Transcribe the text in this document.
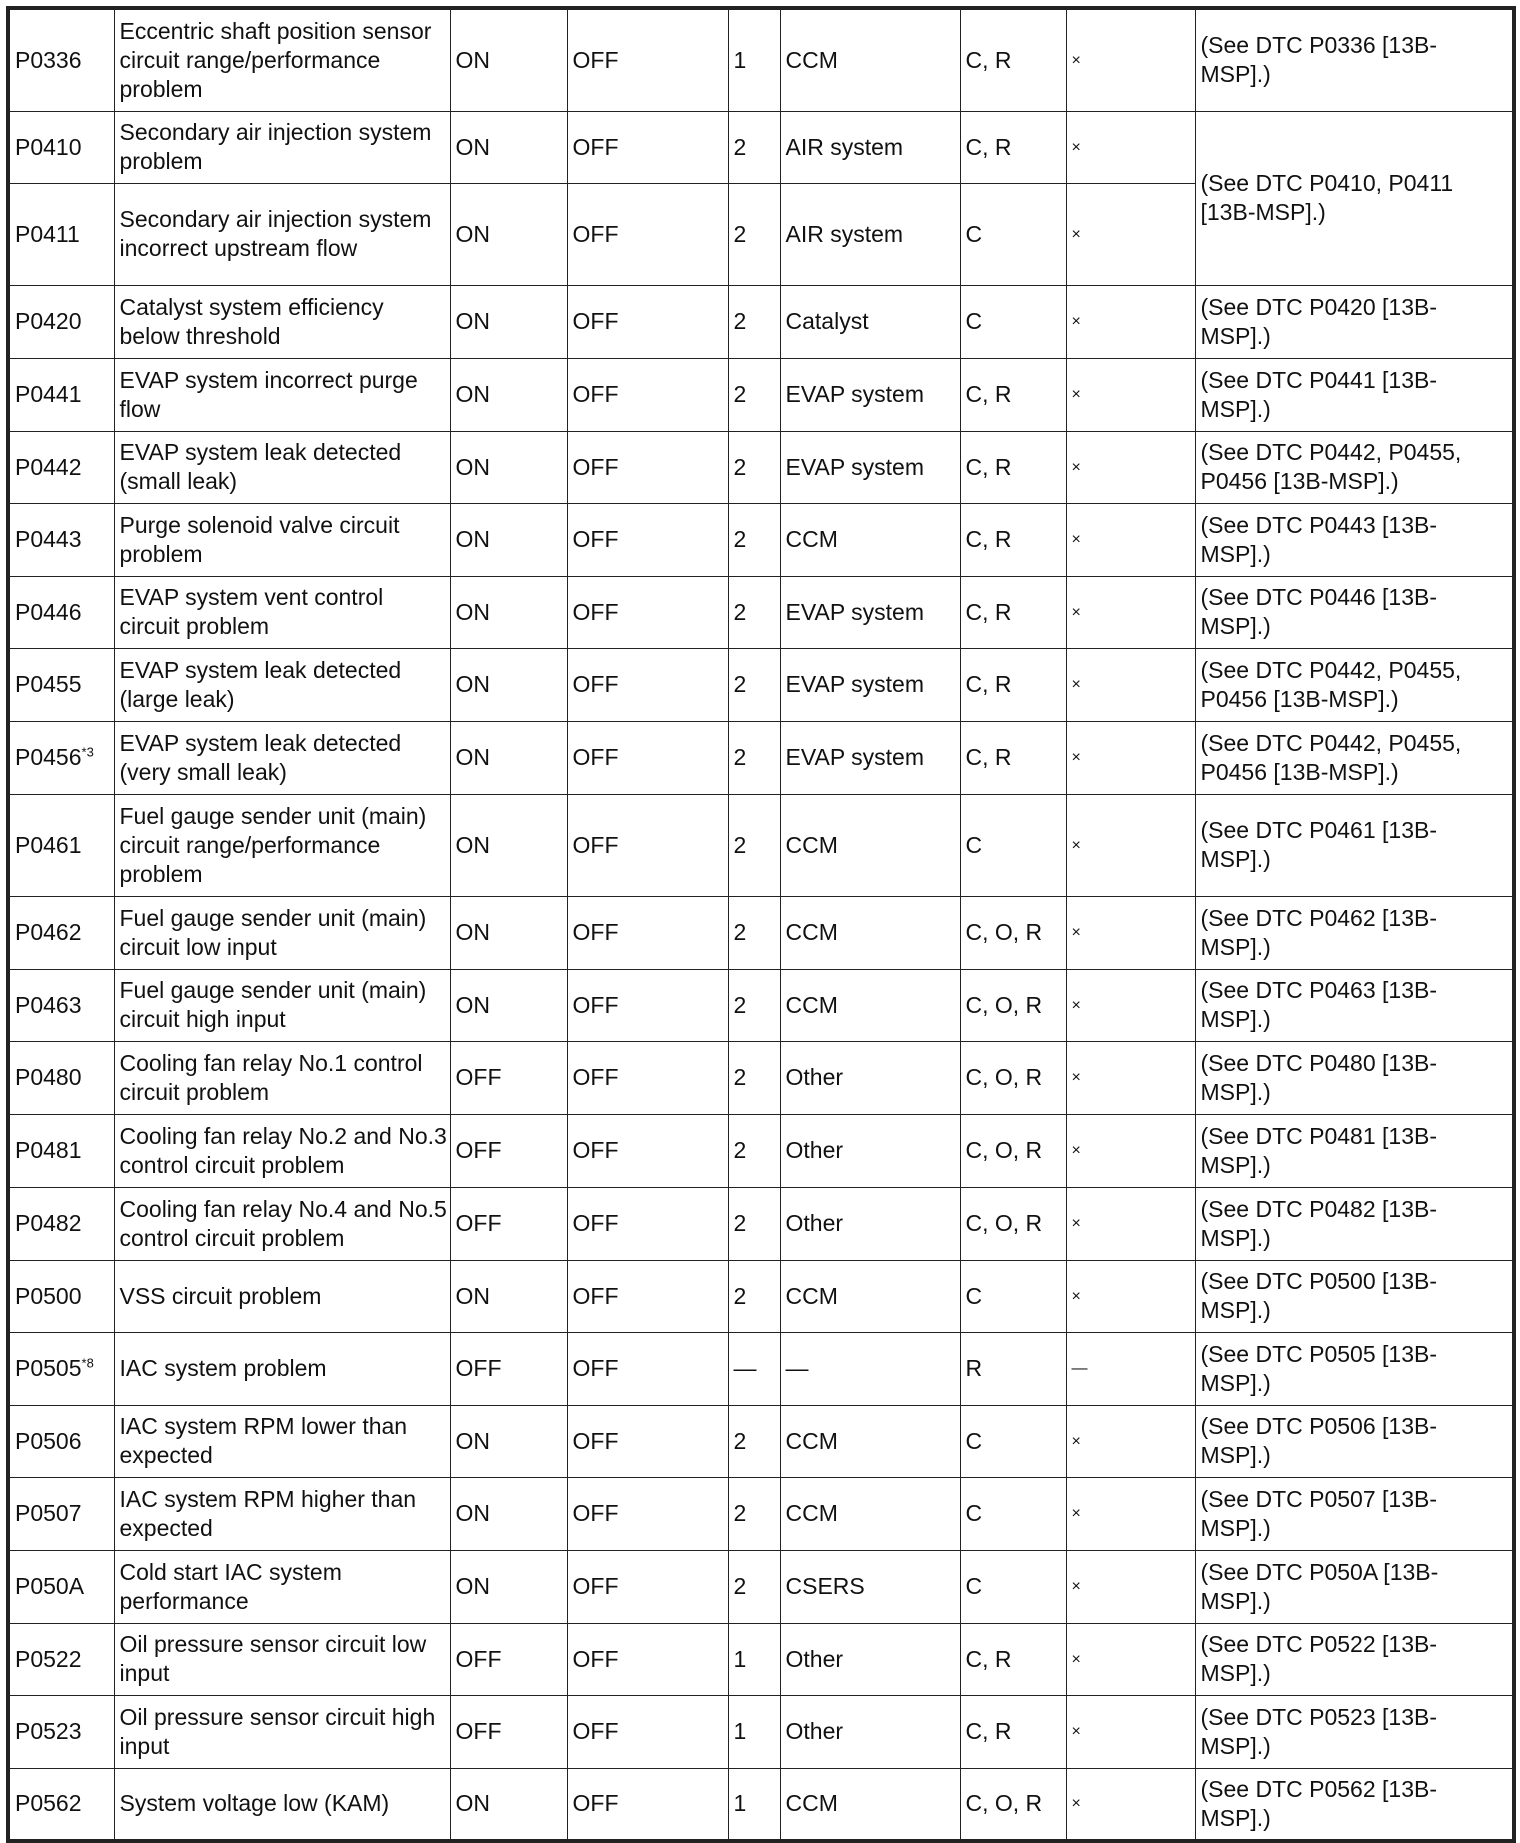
P0336	Eccentric shaft position sensor circuit range/performance problem	ON	OFF	1	CCM	C, R	×	(See DTC P0336 [13B-MSP].)
P0410	Secondary air injection system problem	ON	OFF	2	AIR system	C, R	×	(See DTC P0410, P0411 [13B-MSP].)
P0411	Secondary air injection system incorrect upstream flow	ON	OFF	2	AIR system	C	×	
P0420	Catalyst system efficiency below threshold	ON	OFF	2	Catalyst	C	×	(See DTC P0420 [13B-MSP].)
P0441	EVAP system incorrect purge flow	ON	OFF	2	EVAP system	C, R	×	(See DTC P0441 [13B-MSP].)
P0442	EVAP system leak detected (small leak)	ON	OFF	2	EVAP system	C, R	×	(See DTC P0442, P0455, P0456 [13B-MSP].)
P0443	Purge solenoid valve circuit problem	ON	OFF	2	CCM	C, R	×	(See DTC P0443 [13B-MSP].)
P0446	EVAP system vent control circuit problem	ON	OFF	2	EVAP system	C, R	×	(See DTC P0446 [13B-MSP].)
P0455	EVAP system leak detected (large leak)	ON	OFF	2	EVAP system	C, R	×	(See DTC P0442, P0455, P0456 [13B-MSP].)
P0456$^{*3}$	EVAP system leak detected (very small leak)	ON	OFF	2	EVAP system	C, R	×	(See DTC P0442, P0455, P0456 [13B-MSP].)
P0461	Fuel gauge sender unit (main) circuit range/performance problem	ON	OFF	2	CCM	C	×	(See DTC P0461 [13B-MSP].)
P0462	Fuel gauge sender unit (main) circuit low input	ON	OFF	2	CCM	C, O, R	×	(See DTC P0462 [13B-MSP].)
P0463	Fuel gauge sender unit (main) circuit high input	ON	OFF	2	CCM	C, O, R	×	(See DTC P0463 [13B-MSP].)
P0480	Cooling fan relay No.1 control circuit problem	OFF	OFF	2	Other	C, O, R	×	(See DTC P0480 [13B-MSP].)
P0481	Cooling fan relay No.2 and No.3 control circuit problem	OFF	OFF	2	Other	C, O, R	×	(See DTC P0481 [13B-MSP].)
P0482	Cooling fan relay No.4 and No.5 control circuit problem	OFF	OFF	2	Other	C, O, R	×	(See DTC P0482 [13B-MSP].)
P0500	VSS circuit problem	ON	OFF	2	CCM	C	×	(See DTC P0500 [13B-MSP].)
P0505$^{*8}$	IAC system problem	OFF	OFF	—	—	R	—	(See DTC P0505 [13B-MSP].)
P0506	IAC system RPM lower than expected	ON	OFF	2	CCM	C	×	(See DTC P0506 [13B-MSP].)
P0507	IAC system RPM higher than expected	ON	OFF	2	CCM	C	×	(See DTC P0507 [13B-MSP].)
P050A	Cold start IAC system performance	ON	OFF	2	CSERS	C	×	(See DTC P050A [13B-MSP].)
P0522	Oil pressure sensor circuit low input	OFF	OFF	1	Other	C, R	×	(See DTC P0522 [13B-MSP].)
P0523	Oil pressure sensor circuit high input	OFF	OFF	1	Other	C, R	×	(See DTC P0523 [13B-MSP].)
P0562	System voltage low (KAM)	ON	OFF	1	CCM	C, O, R	×	(See DTC P0562 [13B-MSP].)
